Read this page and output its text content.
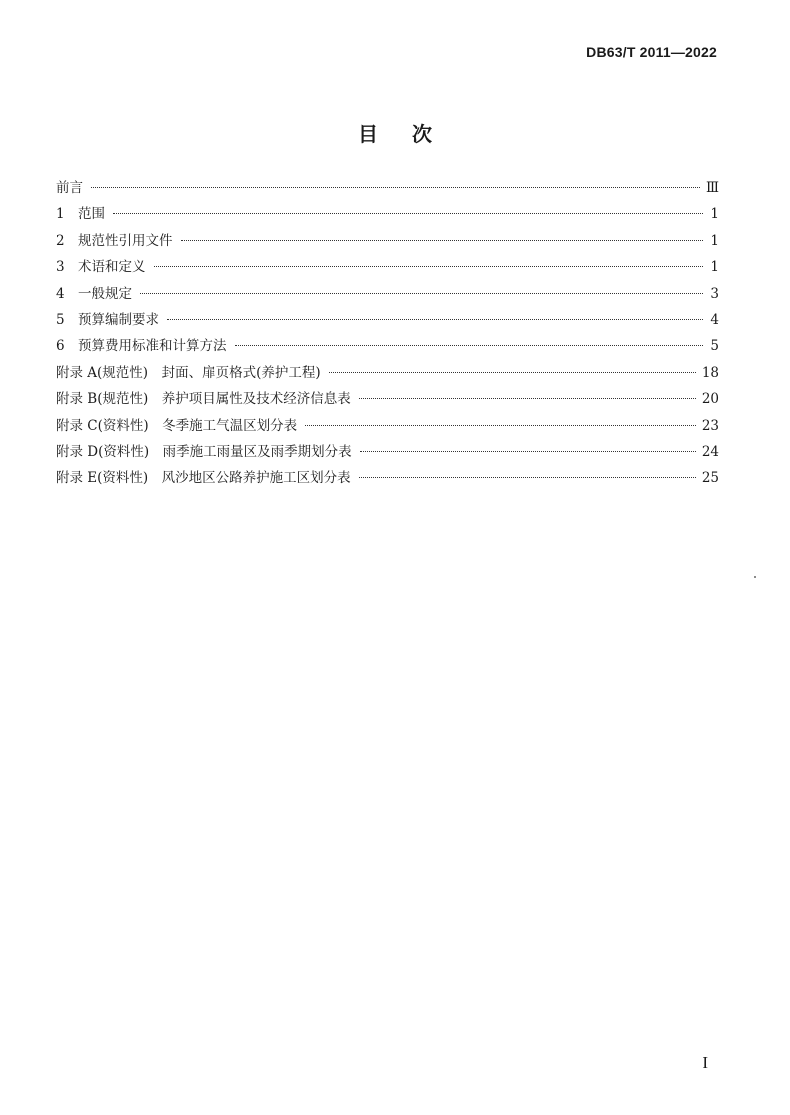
DB63/T 2011—2022
目次
前言	Ⅲ
1 范围	1
2 规范性引用文件	1
3 术语和定义	1
4 一般规定	3
5 预算编制要求	4
6 预算费用标准和计算方法	5
附录 A(规范性)　封面、扉页格式(养护工程)	18
附录 B(规范性)　养护项目属性及技术经济信息表	20
附录 C(资料性)　冬季施工气温区划分表	23
附录 D(资料性)　雨季施工雨量区及雨季期划分表	24
附录 E(资料性)　风沙地区公路养护施工区划分表	25
I
